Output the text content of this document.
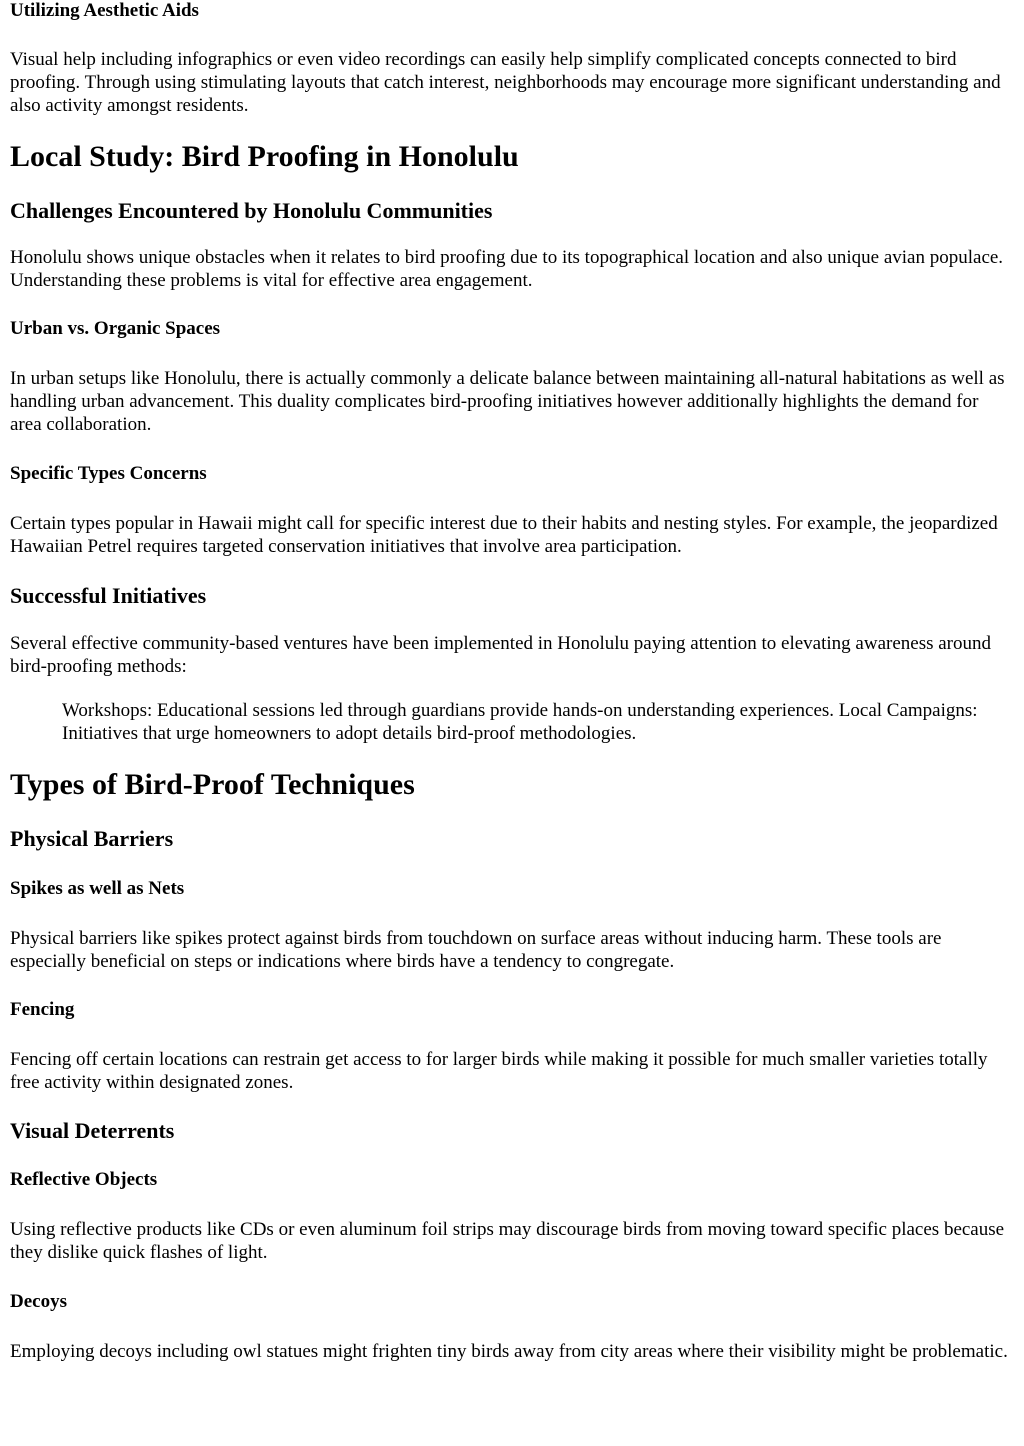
Utilizing Aesthetic Aids

Visual help including infographics or even video recordings can easily help simplify complicated concepts connected to bird proofing. Through using stimulating layouts that catch interest, neighborhoods may encourage more significant understanding and also activity amongst residents.

Local Study: Bird Proofing in Honolulu
Challenges Encountered by Honolulu Communities

Honolulu shows unique obstacles when it relates to bird proofing due to its topographical location and also unique avian populace. Understanding these problems is vital for effective area engagement.

Urban vs. Organic Spaces

In urban setups like Honolulu, there is actually commonly a delicate balance between maintaining all-natural habitations as well as handling urban advancement. This duality complicates bird-proofing initiatives however additionally highlights the demand for area collaboration.

Specific Types Concerns

Certain types popular in Hawaii might call for specific interest due to their habits and nesting styles. For example, the jeopardized Hawaiian Petrel requires targeted conservation initiatives that involve area participation.

Successful Initiatives

Several effective community-based ventures have been implemented in Honolulu paying attention to elevating awareness around bird-proofing methods:

Workshops: Educational sessions led through guardians provide hands-on understanding experiences. Local Campaigns: Initiatives that urge homeowners to adopt details bird-proof methodologies.
Types of Bird-Proof Techniques
Physical Barriers
Spikes as well as Nets

Physical barriers like spikes protect against birds from touchdown on surface areas without inducing harm. These tools are especially beneficial on steps or indications where birds have a tendency to congregate.

Fencing

Fencing off certain locations can restrain get access to for larger birds while making it possible for much smaller varieties totally free activity within designated zones.

Visual Deterrents
Reflective Objects

Using reflective products like CDs or even aluminum foil strips may discourage birds from moving toward specific places because they dislike quick flashes of light.

Decoys

Employing decoys including owl statues might frighten tiny birds away from city areas where their visibility might be problematic.
